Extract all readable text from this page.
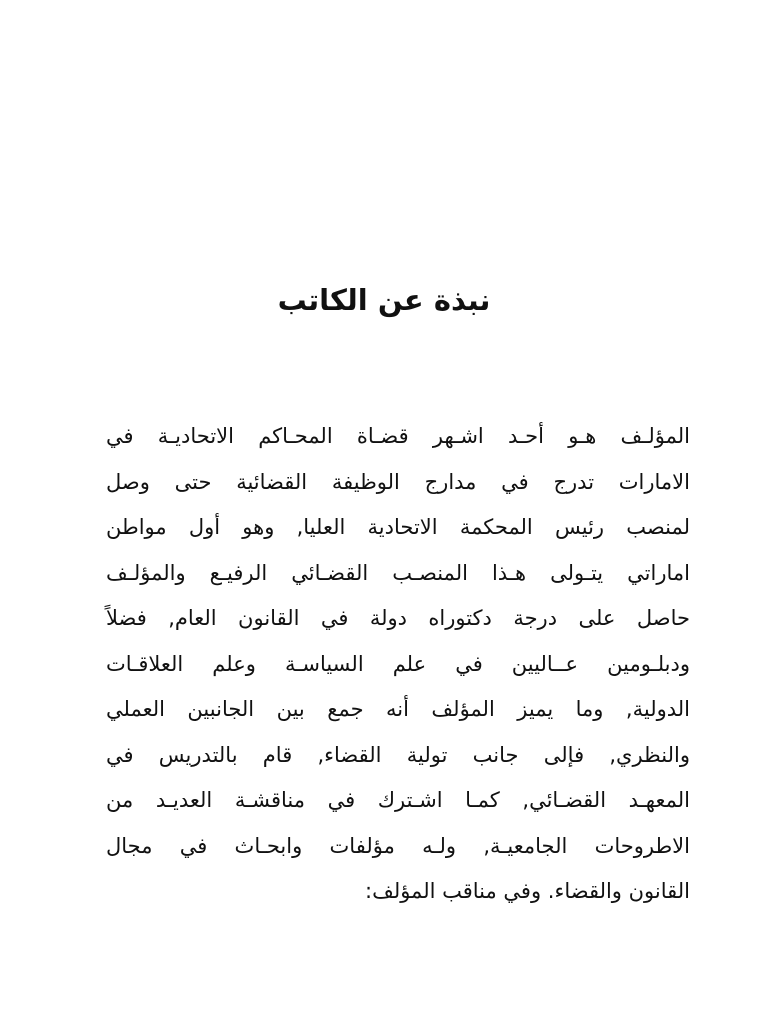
نبذة عن الكاتب
المؤلـف هـو أحـد اشـهر قضـاة المحـاكم الاتحاديـة في
الامارات تدرج في مدارج الوظيفة القضائية حتى وصل
لمنصب رئيس المحكمة الاتحادية العليا, وهو أول مواطن
اماراتي يتـولى هـذا المنصـب القضـائي الرفيـع والمؤلـف
حاصل على درجة دكتوراه دولة في القانون العام, فضلاً
ودبلـومين عــاليين في علم السياسـة وعلم العلاقـات
الدولية, وما يميز المؤلف أنه جمع بين الجانبين العملي
والنظري, فإلى جانب تولية القضاء, قام بالتدريس في
المعهـد القضـائي, كمـا اشـترك في مناقشـة العديـد من
الاطروحات الجامعيـة, ولـه مؤلفات وابحـاث في مجال
القانون والقضاء. وفي مناقب المؤلف:
